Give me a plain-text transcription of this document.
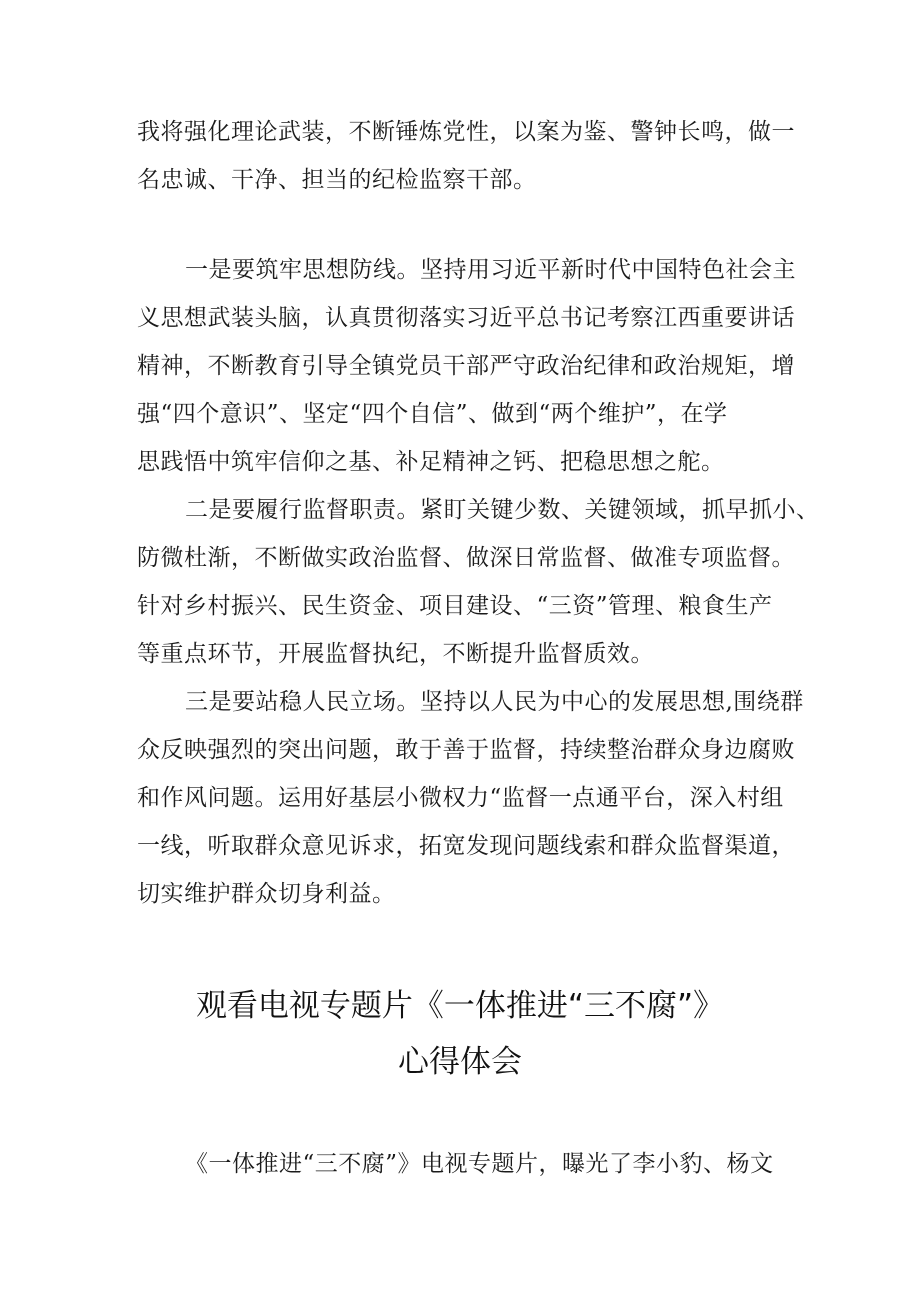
我将强化理论武装，不断锤炼党性，以案为鉴、警钟长鸣，做一
名忠诚、干净、担当的纪检监察干部。
一是要筑牢思想防线。坚持用习近平新时代中国特色社会主
义思想武装头脑，认真贯彻落实习近平总书记考察江西重要讲话
精神，不断教育引导全镇党员干部严守政治纪律和政治规矩，增
强“四个意识”、坚定“四个自信”、做到“两个维护”，在学
思践悟中筑牢信仰之基、补足精神之钙、把稳思想之舵。
二是要履行监督职责。紧盯关键少数、关键领域，抓早抓小、
防微杜渐，不断做实政治监督、做深日常监督、做准专项监督。
针对乡村振兴、民生资金、项目建设、“三资”管理、粮食生产
等重点环节，开展监督执纪，不断提升监督质效。
三是要站稳人民立场。坚持以人民为中心的发展思想,围绕群
众反映强烈的突出问题，敢于善于监督，持续整治群众身边腐败
和作风问题。运用好基层小微权力“监督一点通平台，深入村组
一线，听取群众意见诉求，拓宽发现问题线索和群众监督渠道，
切实维护群众切身利益。
观看电视专题片《一体推进“三不腐”》
心得体会
《一体推进“三不腐”》电视专题片，曝光了李小豹、杨文
